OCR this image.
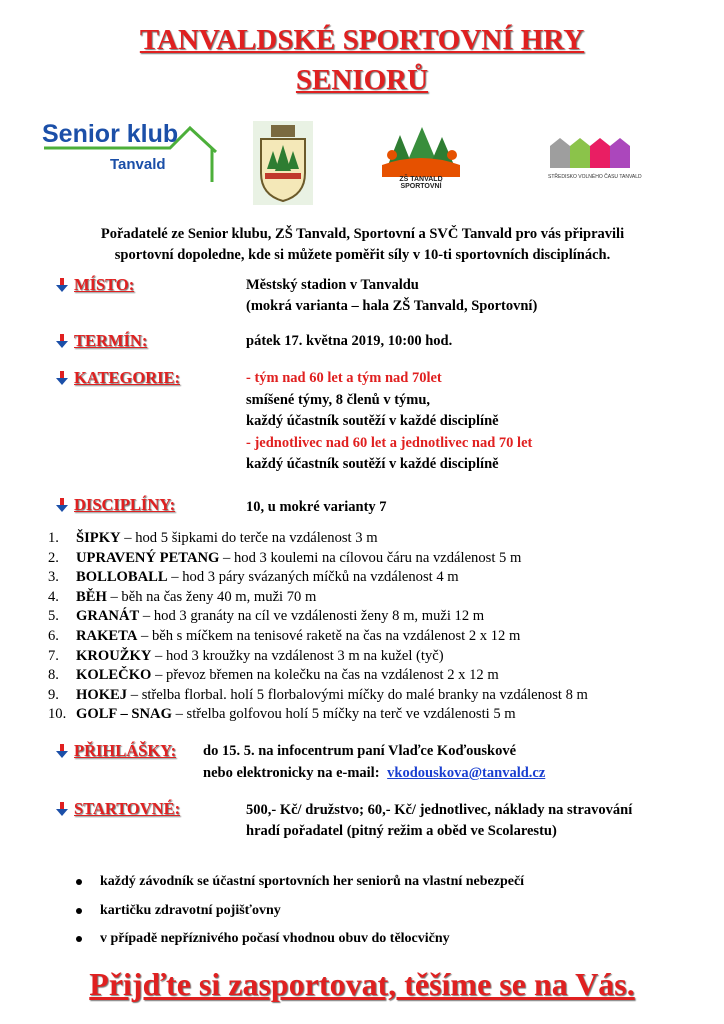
TANVALDSKÉ SPORTOVNÍ HRY
SENIORŮ
Senior klub
Tanvald
ZŠ TANVALD SPORTOVNÍ
STŘEDISKO VOLNÉHO ČASU TANVALD
Pořadatelé ze Senior klubu, ZŠ Tanvald, Sportovní a SVČ Tanvald pro vás připravili
sportovní dopoledne, kde si můžete poměřit síly v 10-ti sportovních disciplínách.
MÍSTO:	Městský stadion v Tanvaldu
(mokrá varianta – hala ZŠ Tanvald, Sportovní)
TERMÍN:	pátek 17. května 2019, 10:00 hod.
KATEGORIE:	- tým nad 60 let a tým nad 70let
smíšené týmy, 8 členů v týmu,
každý účastník soutěží v každé disciplíně
- jednotlivec nad 60 let a jednotlivec nad 70 let
každý účastník soutěží v každé disciplíně
DISCIPLÍNY:	10, u mokré varianty 7
1. ŠIPKY – hod 5 šipkami do terče na vzdálenost 3 m
2. UPRAVENÝ PETANG – hod 3 koulemi na cílovou čáru na vzdálenost 5 m
3. BOLLOBALL – hod 3 páry svázaných míčků na vzdálenost 4 m
4. BĚH – běh na čas ženy 40 m, muži 70 m
5. GRANÁT – hod 3 granáty na cíl ve vzdálenosti ženy 8 m, muži 12 m
6. RAKETA – běh s míčkem na tenisové raketě na čas na vzdálenost 2 x 12 m
7. KROUŽKY – hod 3 kroužky na vzdálenost 3 m na kužel (tyč)
8. KOLEČKO – převoz břemen na kolečku na čas na vzdálenost 2 x 12 m
9. HOKEJ – střelba florbal. holí 5 florbalovými míčky do malé branky na vzdálenost 8 m
10. GOLF – SNAG – střelba golfovou holí 5 míčky na terč ve vzdálenosti 5 m
PŘIHLÁŠKY: do 15. 5. na infocentrum paní Vlaďce Koďouskové
nebo elektronicky na e-mail: vkodouskova@tanvald.cz
STARTOVNÉ:	500,- Kč/ družstvo; 60,- Kč/ jednotlivec, náklady na stravování
hradí pořadatel (pitný režim a oběd ve Scolarestu)
každý závodník se účastní sportovních her seniorů na vlastní nebezpečí
kartičku zdravotní pojišťovny
v případě nepříznivého počasí vhodnou obuv do tělocvičny
Přijďte si zasportovat, těšíme se na Vás.
